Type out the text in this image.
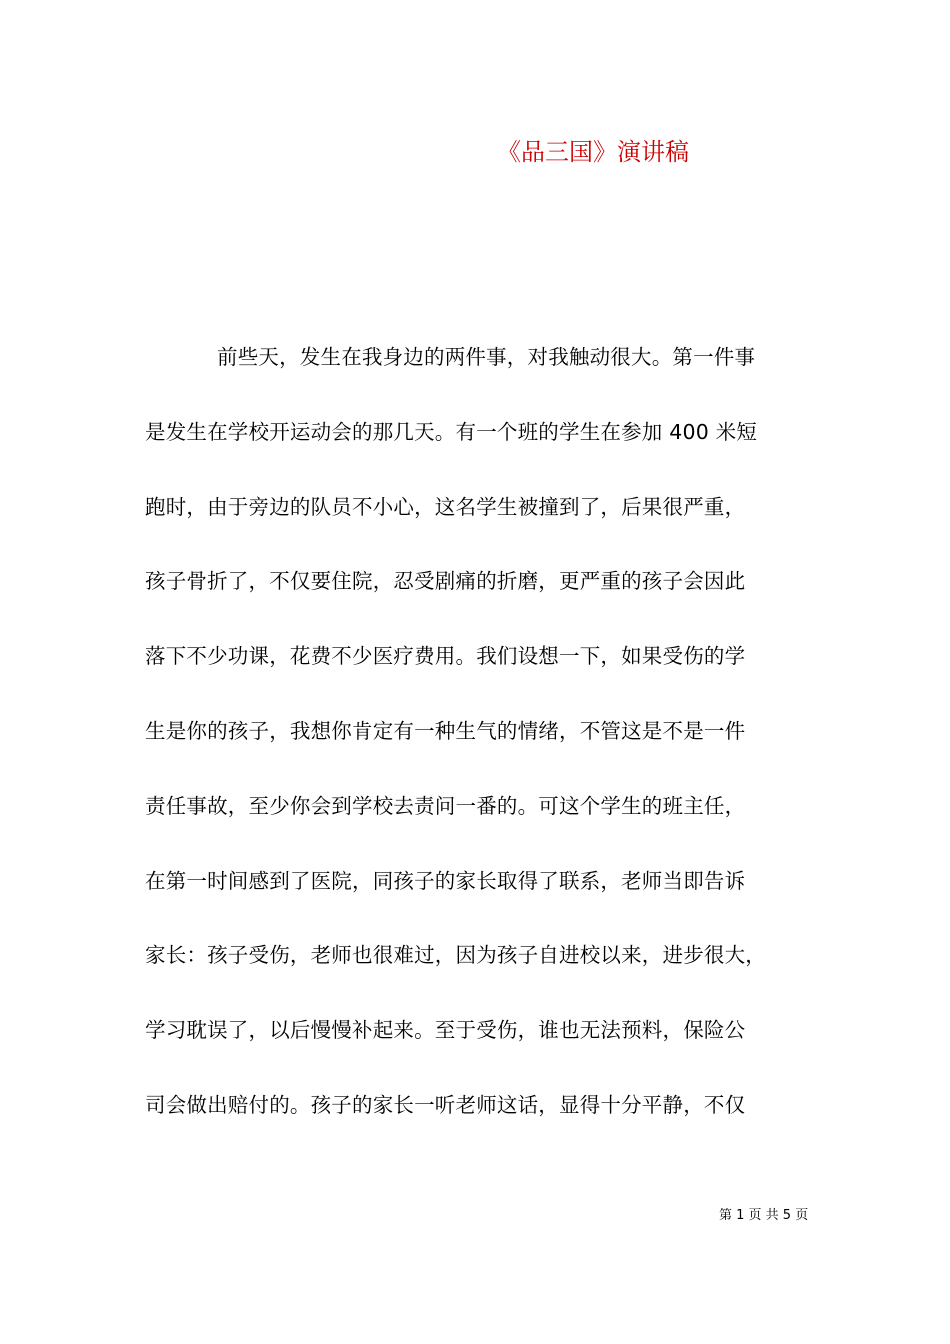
《品三国》演讲稿
前些天，发生在我身边的两件事，对我触动很大。第一件事
是发生在学校开运动会的那几天。有一个班的学生在参加 400 米短
跑时，由于旁边的队员不小心，这名学生被撞到了，后果很严重，
孩子骨折了，不仅要住院，忍受剧痛的折磨，更严重的孩子会因此
落下不少功课，花费不少医疗费用。我们设想一下，如果受伤的学
生是你的孩子，我想你肯定有一种生气的情绪，不管这是不是一件
责任事故，至少你会到学校去责问一番的。可这个学生的班主任，
在第一时间感到了医院，同孩子的家长取得了联系，老师当即告诉
家长：孩子受伤，老师也很难过，因为孩子自进校以来，进步很大，
学习耽误了，以后慢慢补起来。至于受伤，谁也无法预料，保险公
司会做出赔付的。孩子的家长一听老师这话，显得十分平静，不仅
第 1 页 共 5 页
